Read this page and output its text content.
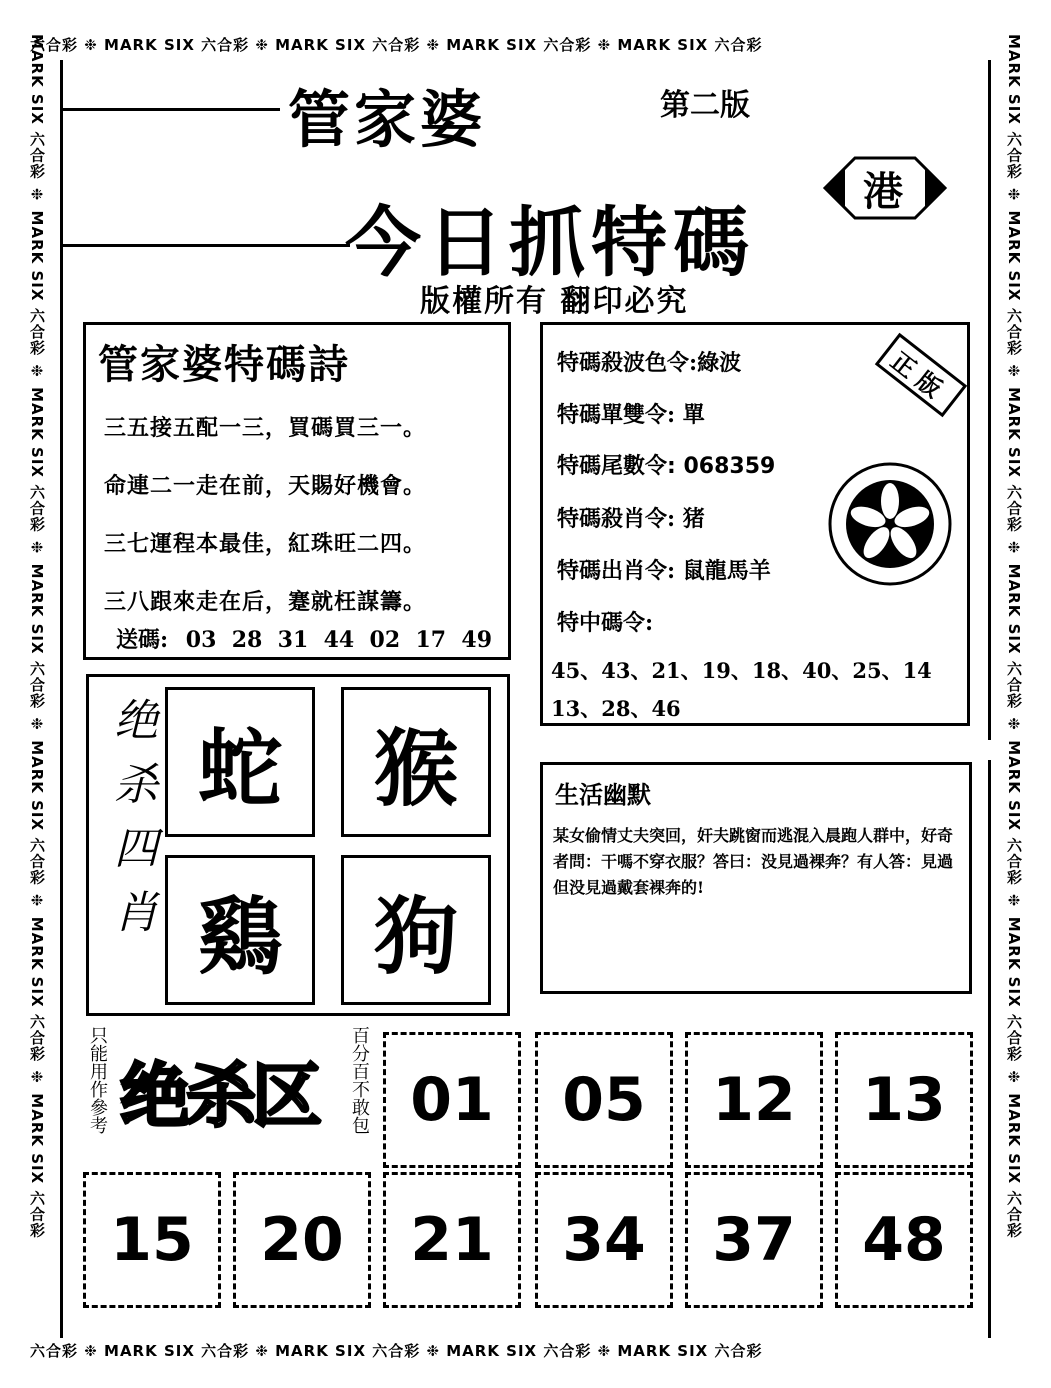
六合彩 ❉ MARK SIX 六合彩 ❉ MARK SIX 六合彩 ❉ MARK SIX 六合彩 ❉ MARK SIX 六合彩
六合彩 ❉ MARK SIX 六合彩 ❉ MARK SIX 六合彩 ❉ MARK SIX 六合彩 ❉ MARK SIX 六合彩
MARK SIX 六合彩 ❉ MARK SIX 六合彩 ❉ MARK SIX 六合彩 ❉ MARK SIX 六合彩 ❉ MARK SIX 六合彩 ❉ MARK SIX 六合彩 ❉ MARK SIX 六合彩	MARK SIX 六合彩 ❉ MARK SIX 六合彩 ❉ MARK SIX 六合彩 ❉ MARK SIX 六合彩 ❉ MARK SIX 六合彩 ❉ MARK SIX 六合彩 ❉ MARK SIX 六合彩
管家婆	第二版
今日抓特碼
版權所有 翻印必究
港
管家婆特碼詩
三五接五配一三，買碼買三一。
命連二一走在前，天賜好機會。
三七運程本最佳，紅珠旺二四。
三八跟來走在后，蹇就枉謀籌。
送碼: 03  28  31  44  02  17  49
特碼殺波色令:綠波
特碼單雙令: 單
特碼尾數令: 068359
特碼殺肖令: 猪
特碼出肖令: 鼠龍馬羊
特中碼令:
45、43、21、19、18、40、25、14
13、28、46
正版
绝杀四肖 蛇	猴
鷄	狗
生活幽默
某女偷情丈夫突回，奸夫跳窗而逃混入晨跑人群中，好奇者問：干嗎不穿衣服？答曰：没見過裸奔？有人答：見過但没見過戴套裸奔的!
只能用作參考 绝杀区 百分百不敢包 01	05	12	13
15	20	21	34	37	48
